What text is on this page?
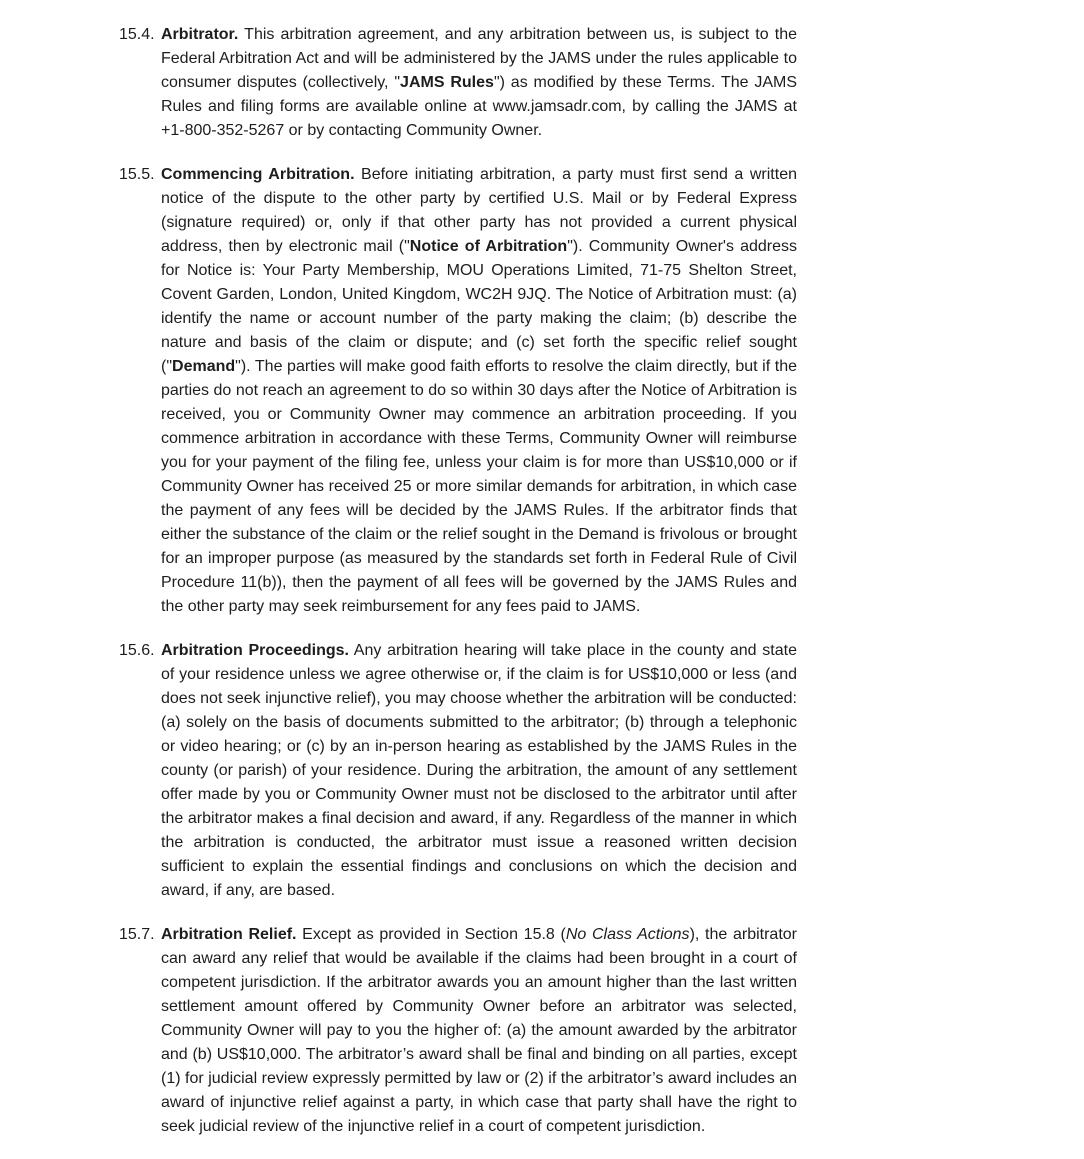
15.4. Arbitrator. This arbitration agreement, and any arbitration between us, is subject to the Federal Arbitration Act and will be administered by the JAMS under the rules applicable to consumer disputes (collectively, "JAMS Rules") as modified by these Terms. The JAMS Rules and filing forms are available online at www.jamsadr.com, by calling the JAMS at +1-800-352-5267 or by contacting Community Owner.
15.5. Commencing Arbitration. Before initiating arbitration, a party must first send a written notice of the dispute to the other party by certified U.S. Mail or by Federal Express (signature required) or, only if that other party has not provided a current physical address, then by electronic mail ("Notice of Arbitration"). Community Owner's address for Notice is: Your Party Membership, MOU Operations Limited, 71-75 Shelton Street, Covent Garden, London, United Kingdom, WC2H 9JQ. The Notice of Arbitration must: (a) identify the name or account number of the party making the claim; (b) describe the nature and basis of the claim or dispute; and (c) set forth the specific relief sought ("Demand"). The parties will make good faith efforts to resolve the claim directly, but if the parties do not reach an agreement to do so within 30 days after the Notice of Arbitration is received, you or Community Owner may commence an arbitration proceeding. If you commence arbitration in accordance with these Terms, Community Owner will reimburse you for your payment of the filing fee, unless your claim is for more than US$10,000 or if Community Owner has received 25 or more similar demands for arbitration, in which case the payment of any fees will be decided by the JAMS Rules. If the arbitrator finds that either the substance of the claim or the relief sought in the Demand is frivolous or brought for an improper purpose (as measured by the standards set forth in Federal Rule of Civil Procedure 11(b)), then the payment of all fees will be governed by the JAMS Rules and the other party may seek reimbursement for any fees paid to JAMS.
15.6. Arbitration Proceedings. Any arbitration hearing will take place in the county and state of your residence unless we agree otherwise or, if the claim is for US$10,000 or less (and does not seek injunctive relief), you may choose whether the arbitration will be conducted: (a) solely on the basis of documents submitted to the arbitrator; (b) through a telephonic or video hearing; or (c) by an in-person hearing as established by the JAMS Rules in the county (or parish) of your residence. During the arbitration, the amount of any settlement offer made by you or Community Owner must not be disclosed to the arbitrator until after the arbitrator makes a final decision and award, if any. Regardless of the manner in which the arbitration is conducted, the arbitrator must issue a reasoned written decision sufficient to explain the essential findings and conclusions on which the decision and award, if any, are based.
15.7. Arbitration Relief. Except as provided in Section 15.8 (No Class Actions), the arbitrator can award any relief that would be available if the claims had been brought in a court of competent jurisdiction. If the arbitrator awards you an amount higher than the last written settlement amount offered by Community Owner before an arbitrator was selected, Community Owner will pay to you the higher of: (a) the amount awarded by the arbitrator and (b) US$10,000. The arbitrator’s award shall be final and binding on all parties, except (1) for judicial review expressly permitted by law or (2) if the arbitrator’s award includes an award of injunctive relief against a party, in which case that party shall have the right to seek judicial review of the injunctive relief in a court of competent jurisdiction.
